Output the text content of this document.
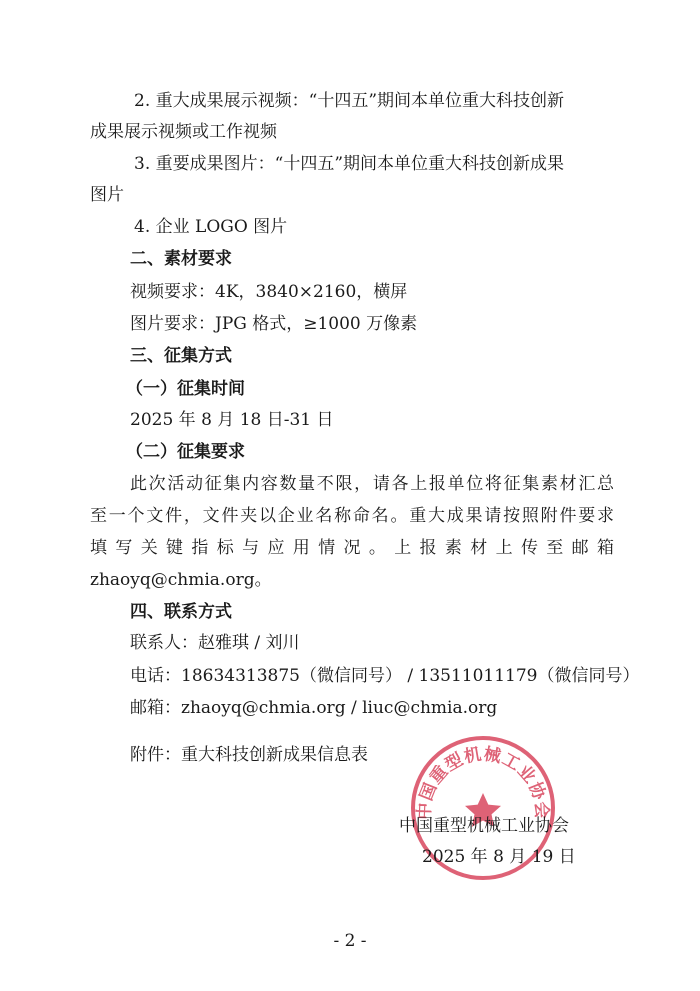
2. 重大成果展示视频：“十四五”期间本单位重大科技创新
成果展示视频或工作视频
3. 重要成果图片：“十四五”期间本单位重大科技创新成果
图片
4. 企业 LOGO 图片
二、素材要求
视频要求：4K，3840×2160，横屏
图片要求：JPG 格式，≥1000 万像素
三、征集方式
（一）征集时间
2025 年 8 月 18 日-31 日
（二）征集要求
此次活动征集内容数量不限，请各上报单位将征集素材汇总
至一个文件，文件夹以企业名称命名。重大成果请按照附件要求
填写关键指标与应用情况。上报素材上传至邮箱
zhaoyq@chmia.org。
四、联系方式
联系人：赵雅琪 / 刘川
电话：18634313875（微信同号） / 13511011179（微信同号）
邮箱：zhaoyq@chmia.org / liuc@chmia.org
附件：重大科技创新成果信息表
中国重型机械工业协会
中国重型机械工业协会
2025 年 8 月 19 日
- 2 -
